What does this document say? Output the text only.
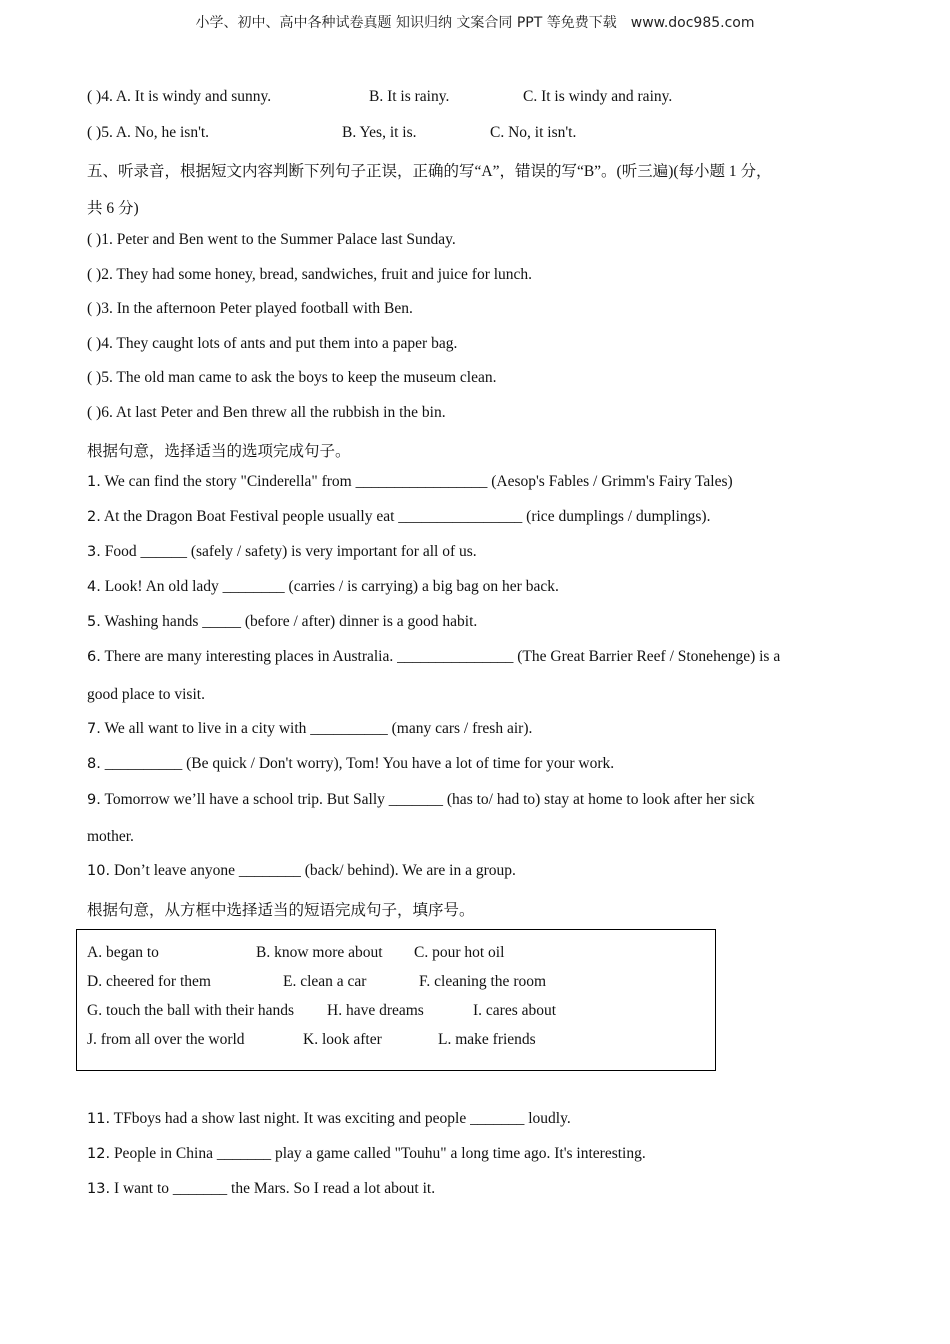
小学、初中、高中各种试卷真题 知识归纳 文案合同 PPT 等免费下载 www.doc985.com
( )4. A. It is windy and sunny.	B. It is rainy.	C. It is windy and rainy.
( )5. A. No, he isn't.	B. Yes, it is.	C. No, it isn't.
五、听录音，根据短文内容判断下列句子正误，正确的写“A”，错误的写“B”。(听三遍)(每小题 1 分，
共 6 分)
( )1. Peter and Ben went to the Summer Palace last Sunday.
( )2. They had some honey, bread, sandwiches, fruit and juice for lunch.
( )3. In the afternoon Peter played football with Ben.
( )4. They caught lots of ants and put them into a paper bag.
( )5. The old man came to ask the boys to keep the museum clean.
( )6. At last Peter and Ben threw all the rubbish in the bin.
根据句意，选择适当的选项完成句子。
1. We can find the story "Cinderella" from _________________ (Aesop's Fables / Grimm's Fairy Tales)
2. At the Dragon Boat Festival people usually eat ________________ (rice dumplings / dumplings).
3. Food ______ (safely / safety) is very important for all of us.
4. Look! An old lady ________ (carries / is carrying) a big bag on her back.
5. Washing hands _____ (before / after) dinner is a good habit.
6. There are many interesting places in Australia. _______________ (The Great Barrier Reef / Stonehenge) is a
good place to visit.
7. We all want to live in a city with __________ (many cars / fresh air).
8. __________ (Be quick / Don't worry), Tom! You have a lot of time for your work.
9. Tomorrow we’ll have a school trip. But Sally _______ (has to/ had to) stay at home to look after her sick
mother.
10. Don’t leave anyone ________ (back/ behind). We are in a group.
根据句意，从方框中选择适当的短语完成句子，填序号。
A. began to	B. know more about C. pour hot oil
D. cheered for them	E. clean a car	F. cleaning the room
G. touch the ball with their hands H. have dreams	I. cares about
J. from all over the world	K. look after	L. make friends
11. TFboys had a show last night. It was exciting and people _______ loudly.
12. People in China _______ play a game called "Touhu" a long time ago. It's interesting.
13. I want to _______ the Mars. So I read a lot about it.
